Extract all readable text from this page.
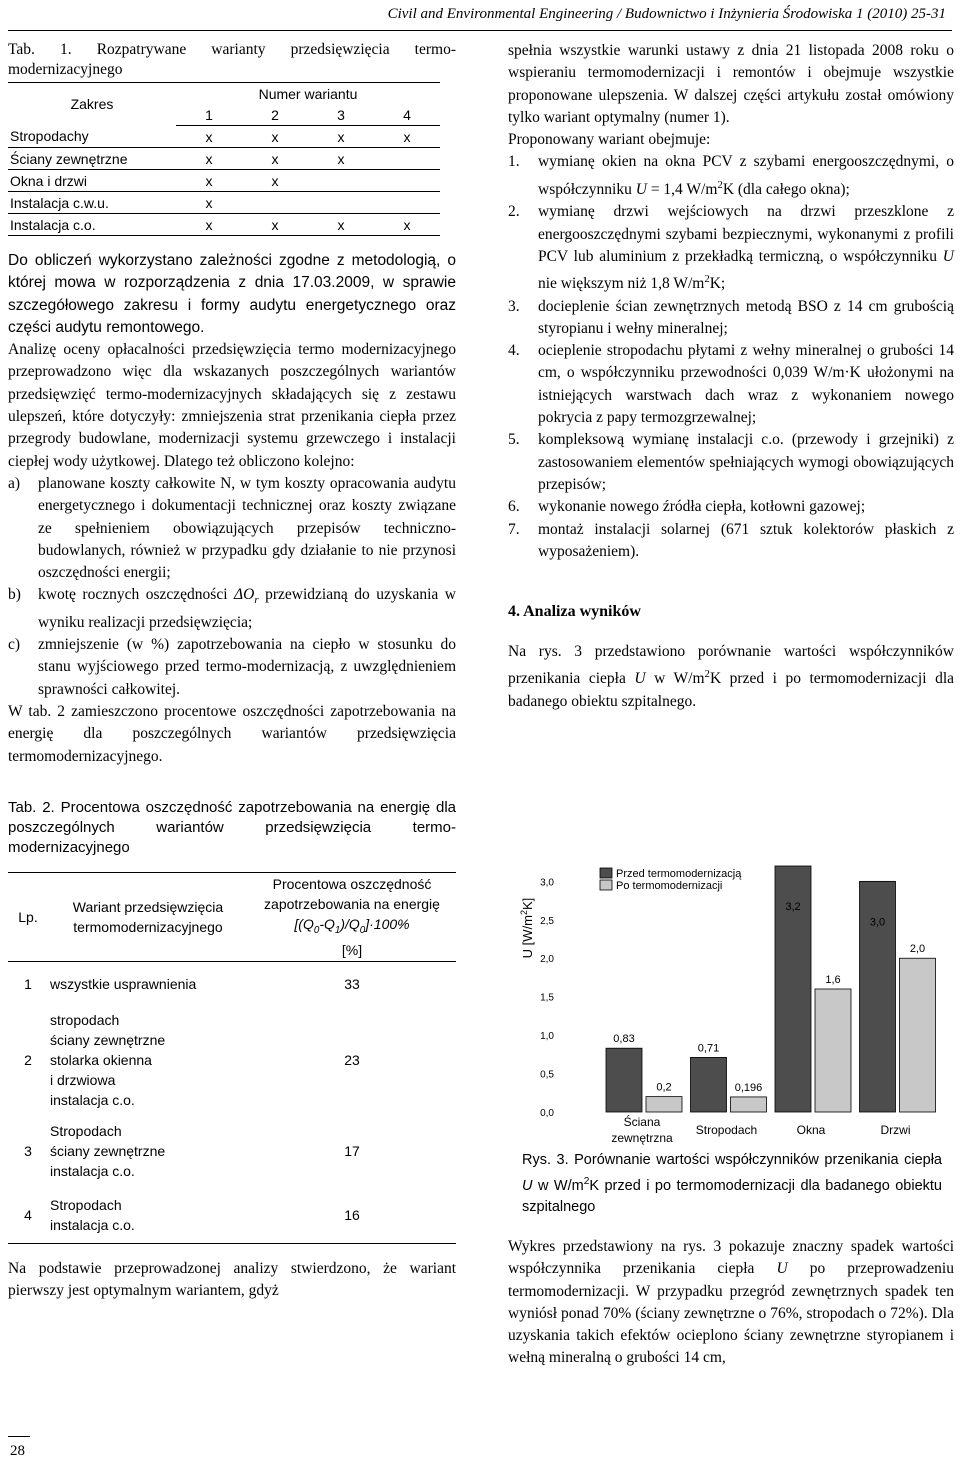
Civil and Environmental Engineering / Budownictwo i Inżynieria Środowiska 1 (2010) 25-31
Tab. 1. Rozpatrywane warianty przedsięwzięcia termo-modernizacyjnego
Zakres	Numer wariantu			
	1	2	3	4
Stropodachy	x	x	x	x
Ściany zewnętrzne	x	x	x	
Okna i drzwi	x	x		
Instalacja c.w.u.	x			
Instalacja c.o.	x	x	x	x

Do obliczeń wykorzystano zależności zgodne z metodologią, o której mowa w rozporządzenia z dnia 17.03.2009, w sprawie szczegółowego zakresu i formy audytu energetycznego oraz części audytu remontowego.

Analizę oceny opłacalności przedsięwzięcia termo modernizacyjnego przeprowadzono więc dla wskazanych poszczególnych wariantów przedsięwzięć termo-modernizacyjnych składających się z zestawu ulepszeń, które dotyczyły: zmniejszenia strat przenikania ciepła przez przegrody budowlane, modernizacji systemu grzewczego i instalacji ciepłej wody użytkowej. Dlatego też obliczono kolejno:

a) planowane koszty całkowite N, w tym koszty opracowania audytu energetycznego i dokumentacji technicznej oraz koszty związane ze spełnieniem obowiązujących przepisów techniczno-budowlanych, również w przypadku gdy działanie to nie przynosi oszczędności energii;
b) kwotę rocznych oszczędności $\Delta O_r$ przewidzianą do uzyskania w wyniku realizacji przedsięwzięcia;
c) zmniejszenie (w %) zapotrzebowania na ciepło w stosunku do stanu wyjściowego przed termo-modernizacją, z uwzględnieniem sprawności całkowitej.

W tab. 2 zamieszczono procentowe oszczędności zapotrzebowania na energię dla poszczególnych wariantów przedsięwzięcia termomodernizacyjnego.

Tab. 2. Procentowa oszczędność zapotrzebowania na energię dla poszczególnych wariantów przedsięwzięcia termo-modernizacyjnego
Lp.	Wariant przedsięwzięcia termomodernizacyjnego	Procentowa oszczędność zapotrzebowania na energię $[(Q_0-Q_1)/Q_0]\cdot 100\%$
[%]
1	wszystkie usprawnienia	33
2	stropodach
ściany zewnętrzne
stolarka okienna
i drzwiowa
instalacja c.o.	23
3	Stropodach
ściany zewnętrzne
instalacja c.o.	17
4	Stropodach
instalacja c.o.	16

Na podstawie przeprowadzonej analizy stwierdzono, że wariant pierwszy jest optymalnym wariantem, gdyż

spełnia wszystkie warunki ustawy z dnia 21 listopada 2008 roku o wspieraniu termomodernizacji i remontów i obejmuje wszystkie proponowane ulepszenia. W dalszej części artykułu został omówiony tylko wariant optymalny (numer 1).

Proponowany wariant obejmuje:

1. wymianę okien na okna PCV z szybami energooszczędnymi, o współczynniku U = 1,4 $W/m^2K$ (dla całego okna);
2. wymianę drzwi wejściowych na drzwi przeszklone z energooszczędnymi szybami bezpiecznymi, wykonanymi z profili PCV lub aluminium z przekładką termiczną, o współczynniku U nie większym niż 1,8 $W/m^2K$;
3. docieplenie ścian zewnętrznych metodą BSO z 14 cm grubością styropianu i wełny mineralnej;
4. ocieplenie stropodachu płytami z wełny mineralnej o grubości 14 cm, o współczynniku przewodności 0,039 W/m·K ułożonymi na istniejących warstwach dach wraz z wykonaniem nowego pokrycia z papy termozgrzewalnej;
5. kompleksową wymianę instalacji c.o. (przewody i grzejniki) z zastosowaniem elementów spełniających wymogi obowiązujących przepisów;
6. wykonanie nowego źródła ciepła, kotłowni gazowej;
7. montaż instalacji solarnej (671 sztuk kolektorów płaskich z wyposażeniem).
4. Analiza wyników

Na rys. 3 przedstawiono porównanie wartości współczynników przenikania ciepła U w $W/m^2K$ przed i po termomodernizacji dla badanego obiektu szpitalnego.

U $[W/m^2K]$
0,0
0,5
1,0
1,5
2,0
2,5
3,0
0,83
0,2
Ściana
zewnętrzna
0,71
0,196
Stropodach
3,2
1,6
Okna
3,0
2,0
Drzwi
Przed termomodernizacją
Po termomodernizacji
Rys. 3. Porównanie wartości współczynników przenikania ciepła U w $W/m^2K$ przed i po termomodernizacji dla badanego obiektu szpitalnego

Wykres przedstawiony na rys. 3 pokazuje znaczny spadek wartości współczynnika przenikania ciepła U po przeprowadzeniu termomodernizacji. W przypadku przegród zewnętrznych spadek ten wyniósł ponad 70% (ściany zewnętrzne o 76%, stropodach o 72%). Dla uzyskania takich efektów ocieplono ściany zewnętrzne styropianem i wełną mineralną o grubości 14 cm,

28
